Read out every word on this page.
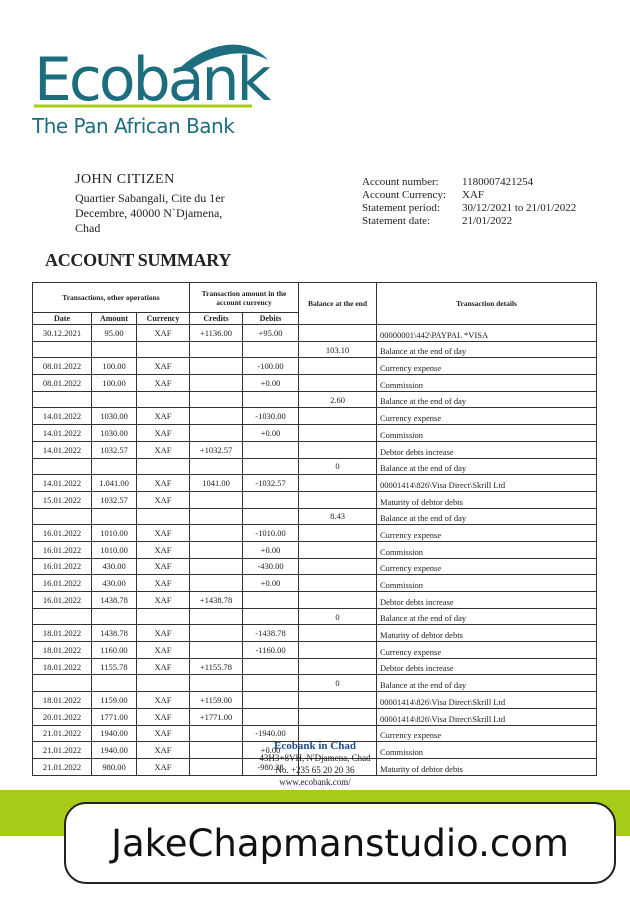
Ecobank
The Pan African Bank
JOHN CITIZEN
Quartier Sabangali, Cite du 1er
Decembre, 40000 N`Djamena,
Chad
Account number:	1180007421254
Account Currency:	XAF
Statement period:	30/12/2021 to 21/01/2022
Statement date:	21/01/2022
ACCOUNT SUMMARY
Transactions, other operations			Transaction amount in the account currency		Balance at the end	Transaction details
Date	Amount	Currency	Credits	Debits		
30.12.2021	95.00	XAF	+1136.00	+95.00		00000001\442\PAYPAL *VISA
					103.10	Balance at the end of day
08.01.2022	100.00	XAF		-100.00		Currency expense
08.01.2022	100.00	XAF		+0.00		Commission
					2.60	Balance at the end of day
14.01.2022	1030.00	XAF		-1030.00		Currency expense
14.01.2022	1030.00	XAF		+0.00		Commission
14.01.2022	1032.57	XAF	+1032.57			Debtor debts increase
					0	Balance at the end of day
14.01.2022	1.041.00	XAF	1041.00	-1032.57		00001414\826\Visa Direct\Skrill Ltd
15.01.2022	1032.57	XAF				Maturity of debtor debts
					8.43	Balance at the end of day
16.01.2022	1010.00	XAF		-1010.00		Currency expense
16.01.2022	1010.00	XAF		+0.00		Commission
16.01.2022	430.00	XAF		-430.00		Currency expense
16.01.2022	430.00	XAF		+0.00		Commission
16.01.2022	1438.78	XAF	+1438.78			Debtor debts increase
					0	Balance at the end of day
18.01.2022	1438.78	XAF		-1438.78		Maturity of debtor debts
18.01.2022	1160.00	XAF		-1160.00		Currency expense
18.01.2022	1155.78	XAF	+1155.78			Debtor debts increase
					0	Balance at the end of day
18.01.2022	1159.00	XAF	+1159.00			00001414\826\Visa Direct\Skrill Ltd
20.01.2022	1771.00	XAF	+1771.00			00001414\826\Visa Direct\Skrill Ltd
21.01.2022	1940.00	XAF		-1940.00		Currency expense
21.01.2022	1940.00	XAF		+0.00		Commission
21.01.2022	980.00	XAF		-980.28		Maturity of debtor debts
Ecobank in Chad
43H3+8VH, N'Djamena, Chad
No. +235 65 20 20 36
www.ecobank.com/
JakeChapmanstudio.com
